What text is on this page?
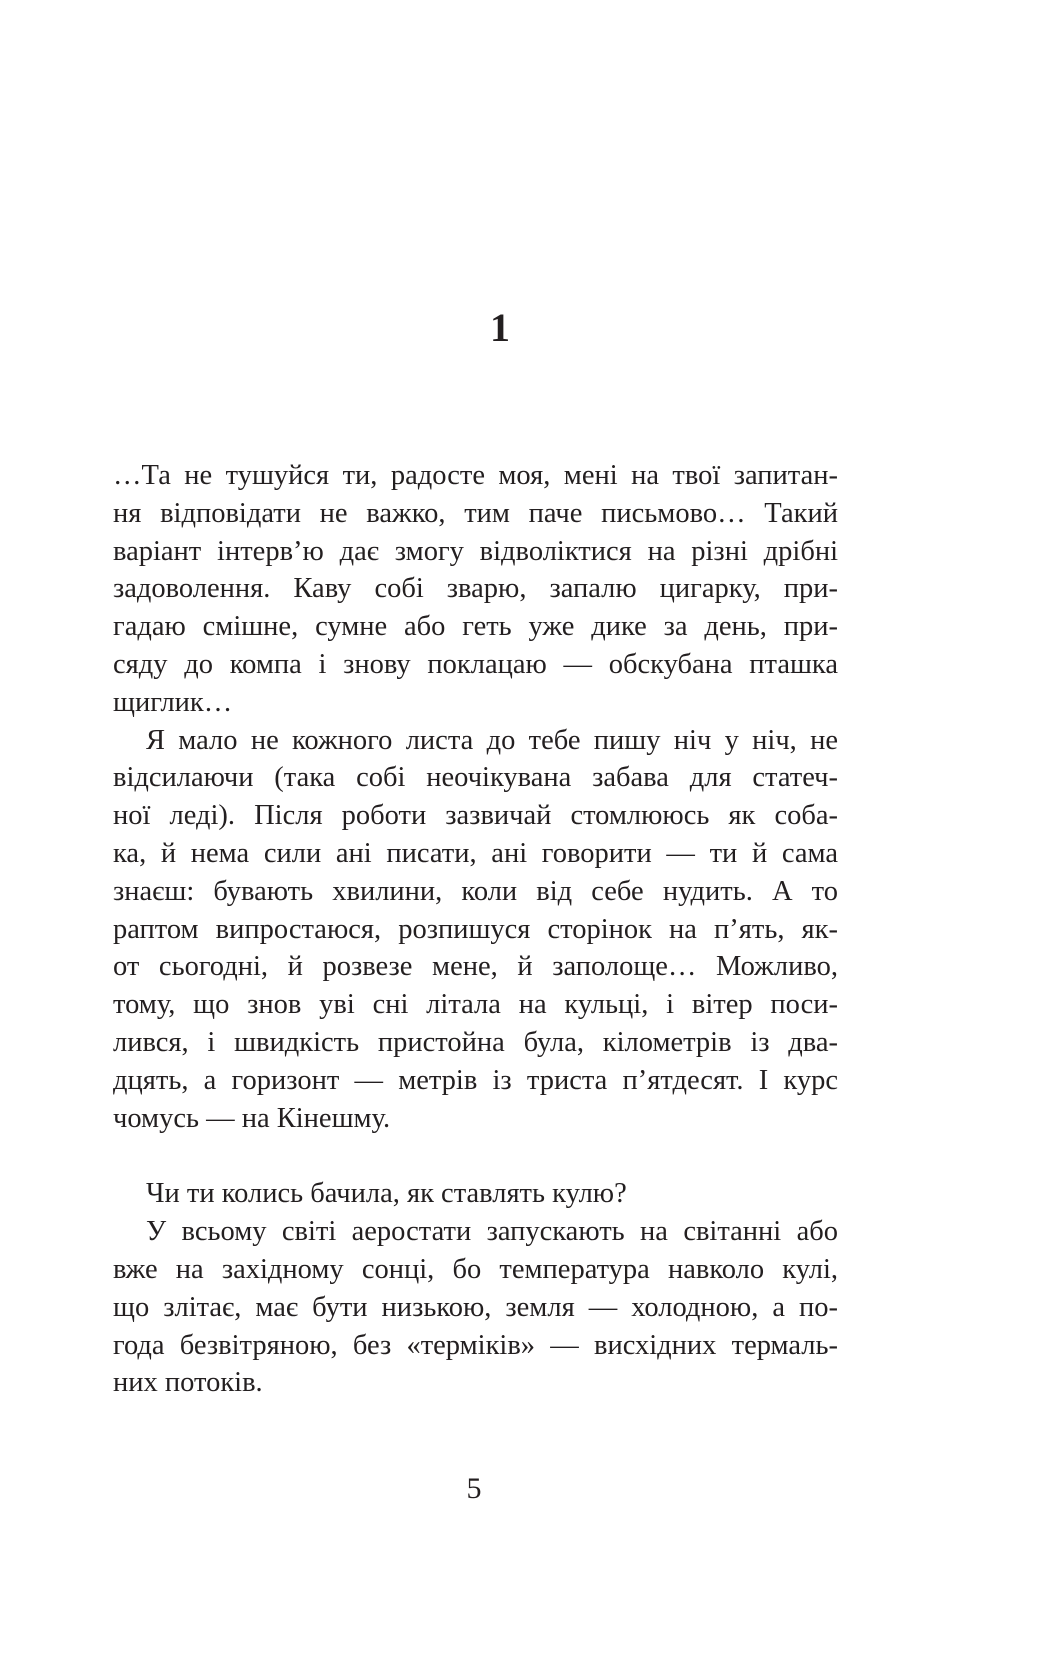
1
…Та не тушуйся ти, радосте моя, мені на твої запитан-
ня відповідати не важко, тим паче письмово… Такий
варіант інтерв’ю дає змогу відволіктися на різні дрібні
задоволення. Каву собі зварю, запалю цигарку, при-
гадаю смішне, сумне або геть уже дике за день, при-
сяду до компа і знову поклацаю — обскубана пташка
щиглик…
Я мало не кожного листа до тебе пишу ніч у ніч, не
відсилаючи (така собі неочікувана забава для статеч-
ної леді). Після роботи зазвичай стомлююсь як соба-
ка, й нема сили ані писати, ані говорити — ти й сама
знаєш: бувають хвилини, коли від себе нудить. А то
раптом випростаюся, розпишуся сторінок на п’ять, як-
от сьогодні, й розвезе мене, й заполоще… Можливо,
тому, що знов уві сні літала на кульці, і вітер поси-
лився, і швидкість пристойна була, кілометрів із два-
дцять, а горизонт — метрів із триста п’ятдесят. І курс
чомусь — на Кінешму.
Чи ти колись бачила, як ставлять кулю?
У всьому світі аеростати запускають на світанні або
вже на західному сонці, бо температура навколо кулі,
що злітає, має бути низькою, земля — холодною, а по-
года безвітряною, без «терміків» — висхідних термаль-
них потоків.
5
